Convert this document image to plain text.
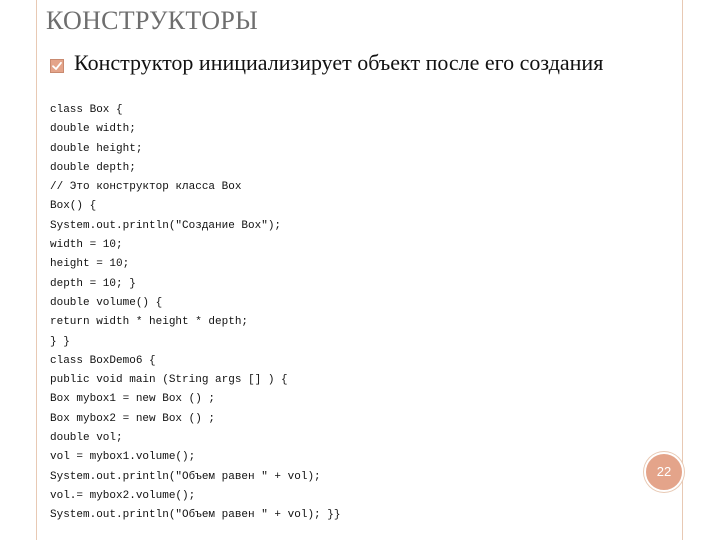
КОНСТРУКТОРЫ
Конструктор инициализирует объект после его создания
class Box {
double width;
double height;
double depth;
// Это конструктор класса Box
Box() {
System.out.println("Создание Box");
width = 10;
height = 10;
depth = 10; }
double volume() {
return width * height * depth;
} }
class BoxDemo6 {
public void main (String args [] ) {
Box mybox1 = new Box () ;
Box mybox2 = new Box () ;
double vol;
vol = mybox1.volume();
System.out.println("Объем равен " + vol);
vol.= mybox2.volume();
System.out.println("Объем равен " + vol); }}
22
